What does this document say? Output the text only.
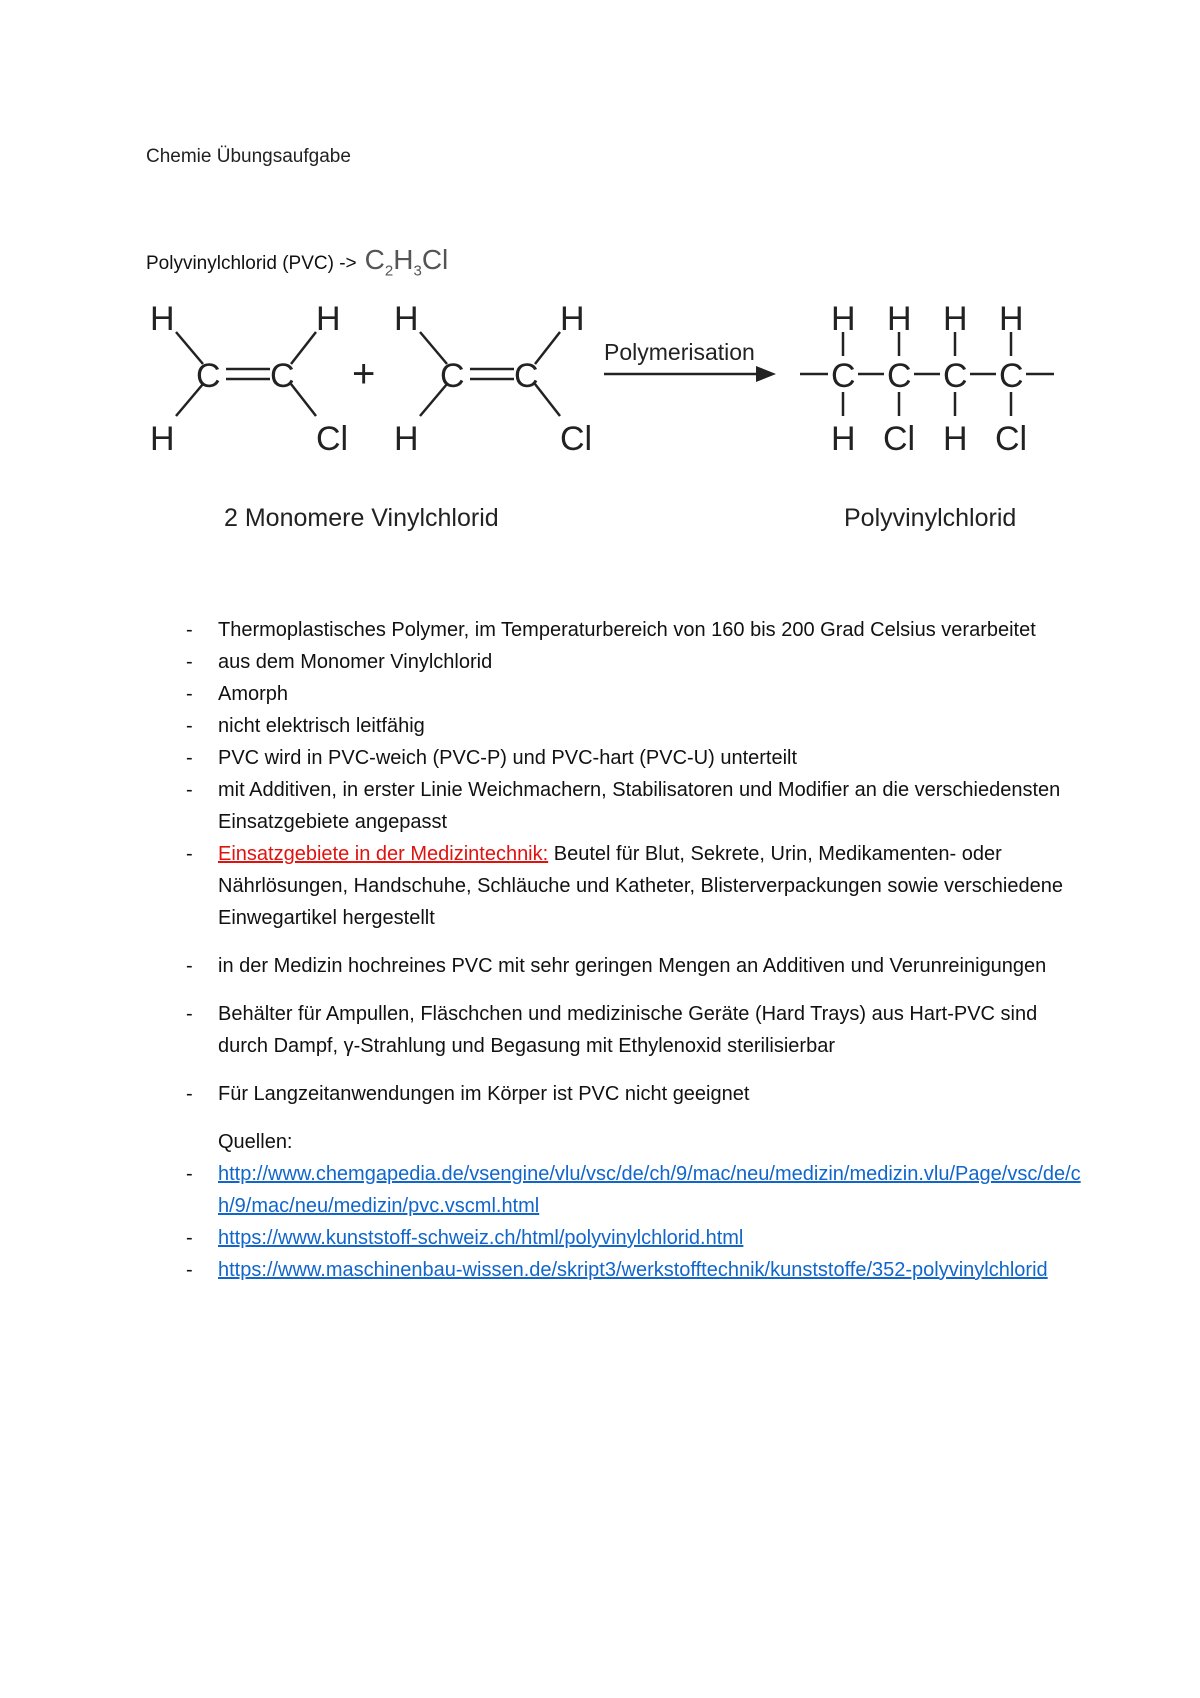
Chemie Übungsaufgabe
Polyvinylchlorid $(PVC) -> C_2H_3Cl$
H
H
C C
H
Cl
+
H
H
C C
H
Cl
H H H H
C C C C
H Cl H Cl
Polymerisation
2 Monomere Vinylchlorid	Polyvinylchlorid
- Thermoplastisches Polymer, im Temperaturbereich von 160 bis 200 Grad Celsius verarbeitet
- aus dem Monomer Vinylchlorid
- Amorph
- nicht elektrisch leitfähig
- PVC wird in PVC-weich (PVC-P) und PVC-hart (PVC-U) unterteilt
- mit Additiven, in erster Linie Weichmachern, Stabilisatoren und Modifier an die verschiedensten Einsatzgebiete angepasst
- Einsatzgebiete in der Medizintechnik: Beutel für Blut, Sekrete, Urin, Medikamenten- oder Nährlösungen, Handschuhe, Schläuche und Katheter, Blisterverpackungen sowie verschiedene Einwegartikel hergestellt
- in der Medizin hochreines PVC mit sehr geringen Mengen an Additiven und Verunreinigungen
- Behälter für Ampullen, Fläschchen und medizinische Geräte (Hard Trays) aus Hart-PVC sind durch Dampf, γ-Strahlung und Begasung mit Ethylenoxid sterilisierbar
- Für Langzeitanwendungen im Körper ist PVC nicht geeignet
Quellen:
- http://www.chemgapedia.de/vsengine/vlu/vsc/de/ch/9/mac/neu/medizin/medizin.vlu/Page/vsc/de/ch/9/mac/neu/medizin/pvc.vscml.html
- https://www.kunststoff-schweiz.ch/html/polyvinylchlorid.html
- https://www.maschinenbau-wissen.de/skript3/werkstofftechnik/kunststoffe/352-polyvinylchlorid
